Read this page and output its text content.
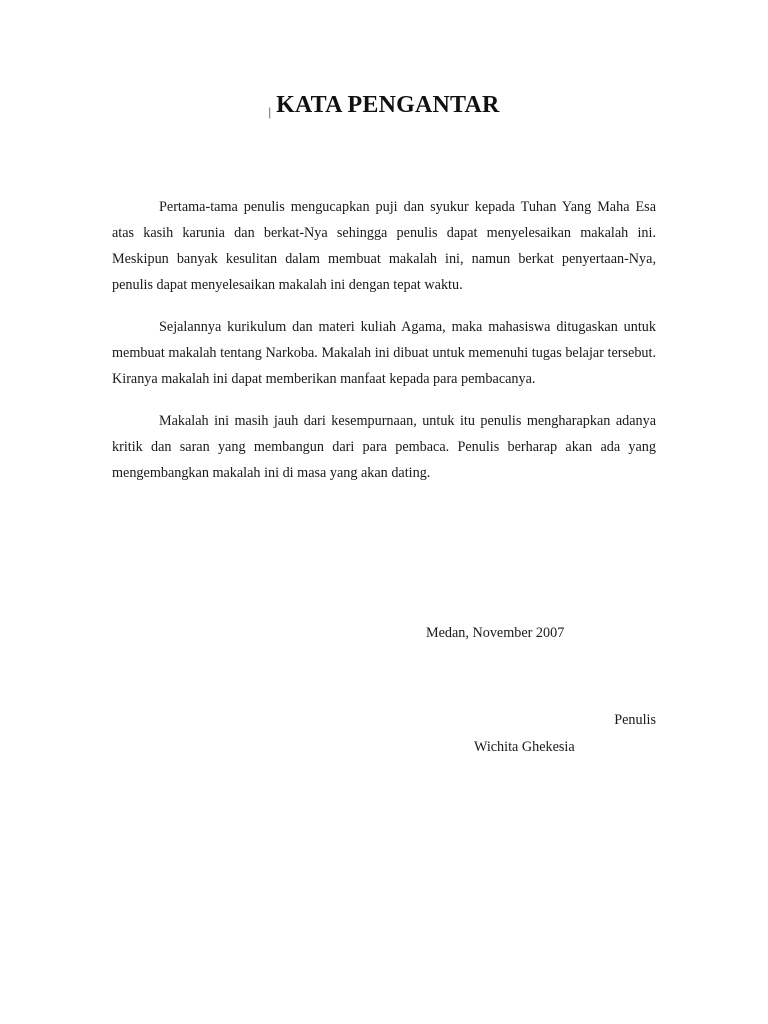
| KATA PENGANTAR

Pertama-tama penulis mengucapkan puji dan syukur kepada Tuhan Yang Maha Esa atas kasih karunia dan berkat-Nya sehingga penulis dapat menyelesaikan makalah ini. Meskipun banyak kesulitan dalam membuat makalah ini, namun berkat penyertaan-Nya, penulis dapat menyelesaikan makalah ini dengan tepat waktu.

Sejalannya kurikulum dan materi kuliah Agama, maka mahasiswa ditugaskan untuk membuat makalah tentang Narkoba. Makalah ini dibuat untuk memenuhi tugas belajar tersebut. Kiranya makalah ini dapat memberikan manfaat kepada para pembacanya.

Makalah ini masih jauh dari kesempurnaan, untuk itu penulis mengharapkan adanya kritik dan saran yang membangun dari para pembaca. Penulis berharap akan ada yang mengembangkan makalah ini di masa yang akan dating.

Medan, November 2007
Penulis
Wichita Ghekesia
